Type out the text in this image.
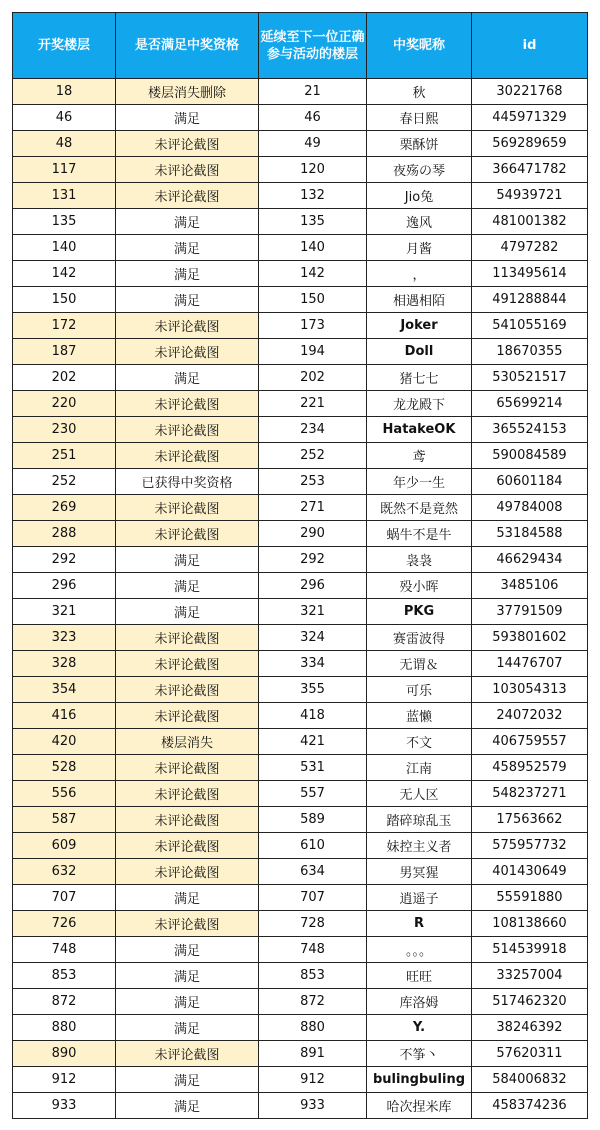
开奖楼层	是否满足中奖资格	延续至下一位正确参与活动的楼层	中奖昵称	id
18	楼层消失删除	21	秋	30221768
46	满足	46	春日熙	445971329
48	未评论截图	49	栗酥饼	569289659
117	未评论截图	120	夜殇の琴	366471782
131	未评论截图	132	Jio兔	54939721
135	满足	135	逸风	481001382
140	满足	140	月酱	4797282
142	满足	142	，	113495614
150	满足	150	相遇相陌	491288844
172	未评论截图	173	Joker	541055169
187	未评论截图	194	Doll	18670355
202	满足	202	猪七七	530521517
220	未评论截图	221	龙龙殿下	65699214
230	未评论截图	234	HatakeOK	365524153
251	未评论截图	252	鸢	590084589
252	已获得中奖资格	253	年少一生	60601184
269	未评论截图	271	既然不是竟然	49784008
288	未评论截图	290	蜗牛不是牛	53184588
292	满足	292	袅袅	46629434
296	满足	296	殁小晖	3485106
321	满足	321	PKG	37791509
323	未评论截图	324	赛雷波得	593801602
328	未评论截图	334	无谓＆	14476707
354	未评论截图	355	可乐	103054313
416	未评论截图	418	蓝懒	24072032
420	楼层消失	421	不文	406759557
528	未评论截图	531	江南	458952579
556	未评论截图	557	无人区	548237271
587	未评论截图	589	踏碎琼乱玉	17563662
609	未评论截图	610	妹控主义者	575957732
632	未评论截图	634	男冥猩	401430649
707	满足	707	逍遥子	55591880
726	未评论截图	728	R	108138660
748	满足	748	。。。	514539918
853	满足	853	旺旺	33257004
872	满足	872	库洛姆	517462320
880	满足	880	Y.	38246392
890	未评论截图	891	不筝丶	57620311
912	满足	912	bulingbuling	584006832
933	满足	933	哈次捏米库	458374236
